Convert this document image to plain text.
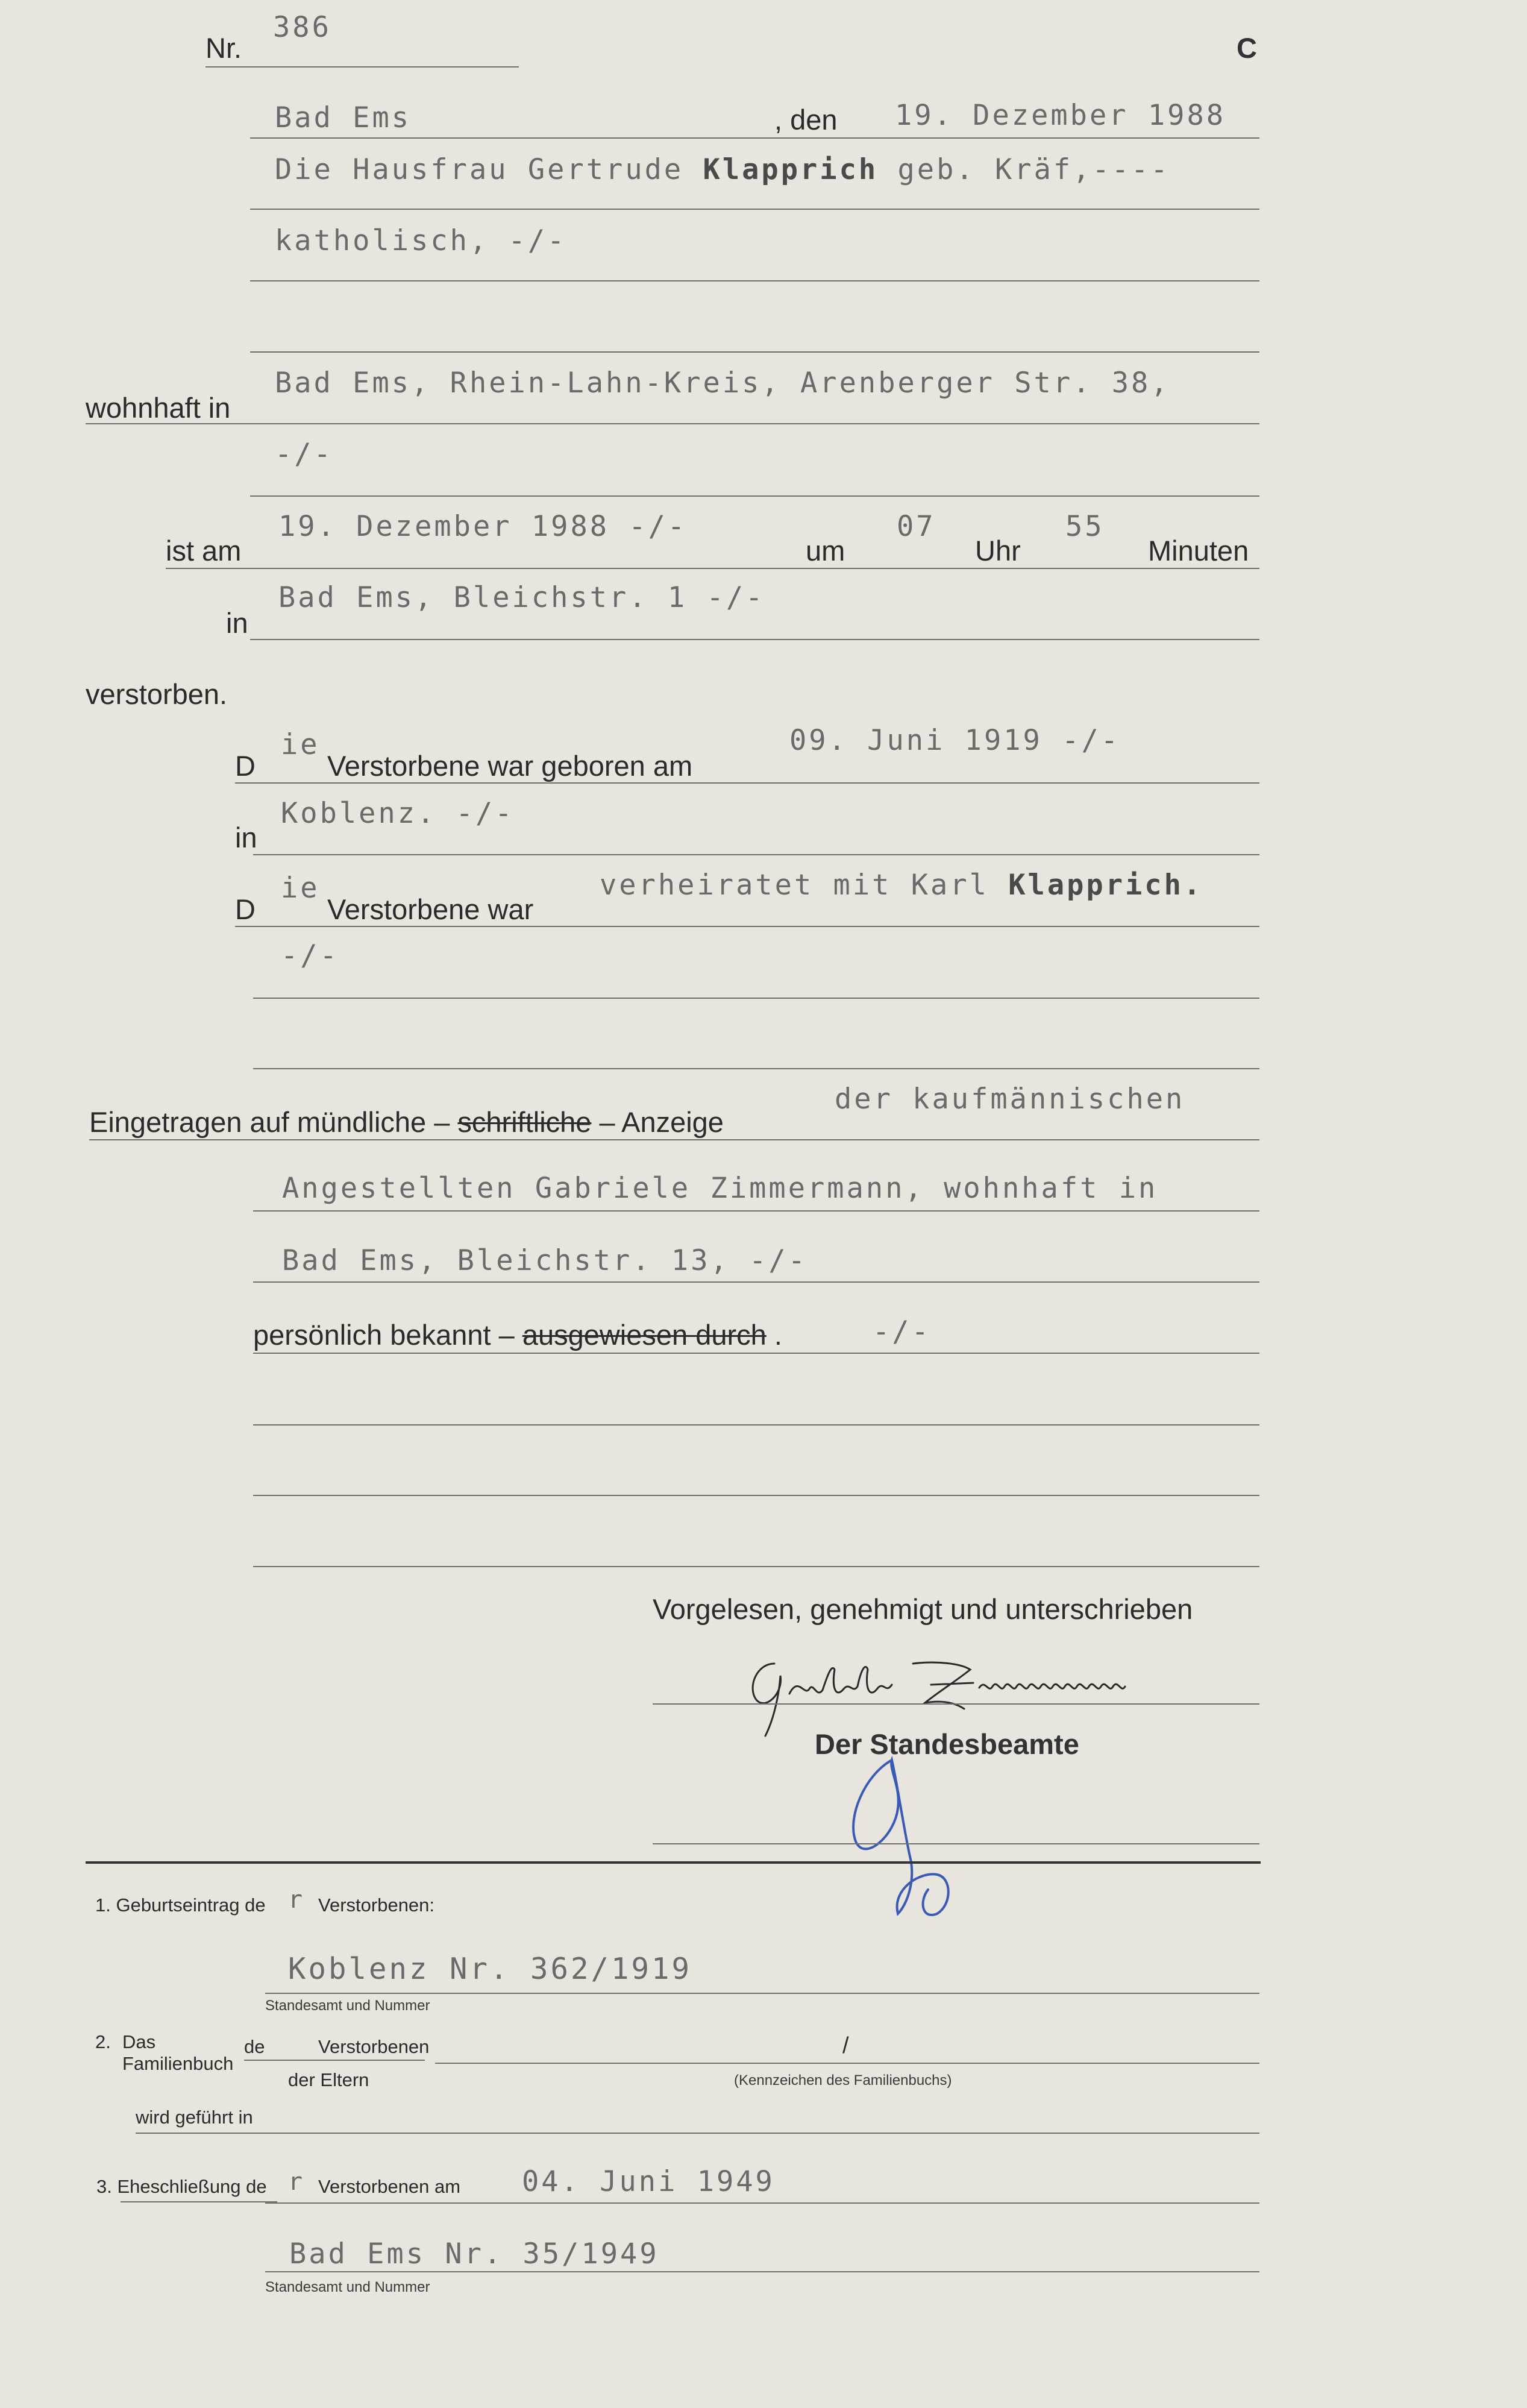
Nr.
386
C
Bad Ems	, den 19. Dezember 1988
Die Hausfrau Gertrude Klapprich geb. Kräf,----
katholisch, -/-
wohnhaft in
Bad Ems, Rhein-Lahn-Kreis, Arenberger Str. 38,
-/-
ist am
19. Dezember 1988 -/-
um
07
Uhr
55
Minuten
in
Bad Ems, Bleichstr. 1 -/-
verstorben.
D
ie
Verstorbene war geboren am
09. Juni 1919 -/-
in
Koblenz. -/-
D
ie
Verstorbene war
verheiratet mit Karl Klapprich.
-/-
Eingetragen auf mündliche – schriftliche – Anzeige
der kaufmännischen
Angestellten Gabriele Zimmermann, wohnhaft in
Bad Ems, Bleichstr. 13, -/-
persönlich bekannt – ausgewiesen durch .	-/-
Vorgelesen, genehmigt und unterschrieben
Der Standesbeamte
1. Geburtseintrag de r Verstorbenen:
Koblenz Nr. 362/1919
Standesamt und Nummer
2. Das
Familienbuch
de	Verstorbenen
der Eltern
/
(Kennzeichen des Familienbuchs)
wird geführt in
3. Eheschließung de r Verstorbenen am 04. Juni 1949
Bad Ems Nr. 35/1949
Standesamt und Nummer
